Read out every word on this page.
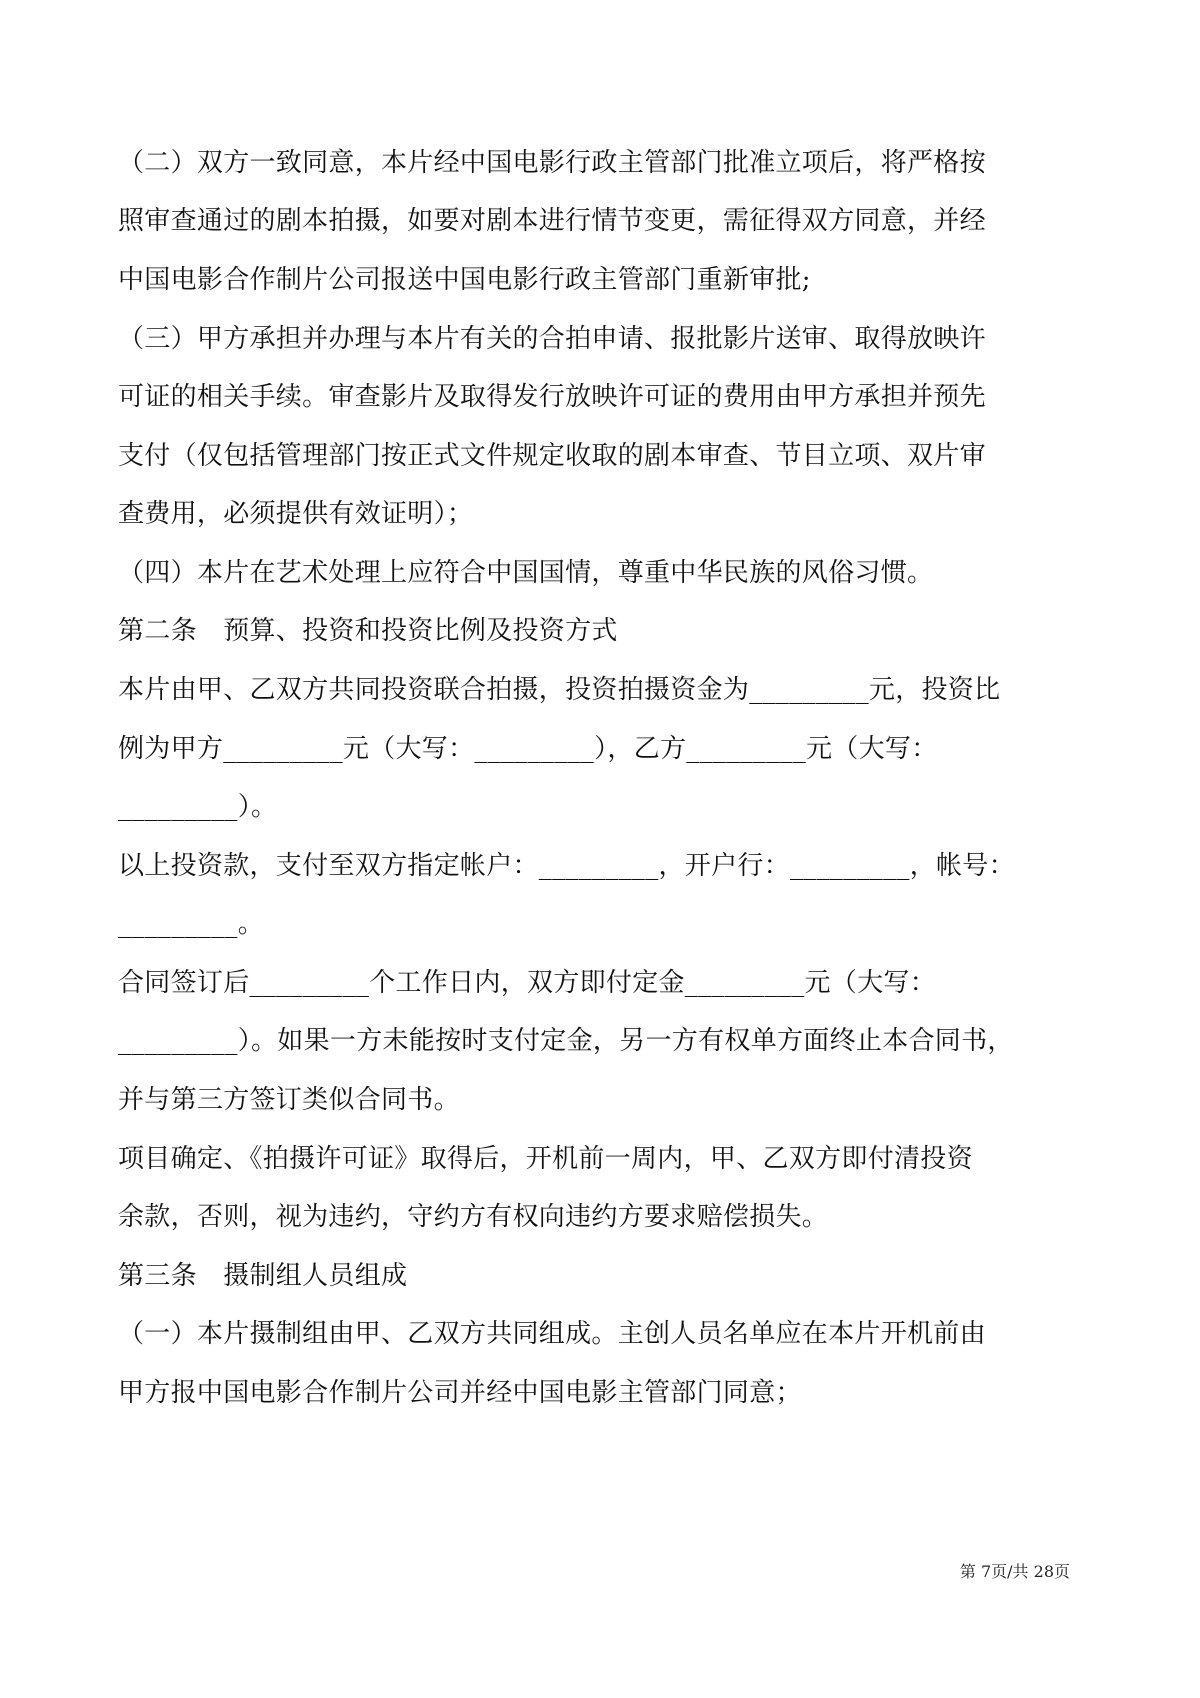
（二）双方一致同意，本片经中国电影行政主管部门批准立项后，将严格按
照审查通过的剧本拍摄，如要对剧本进行情节变更，需征得双方同意，并经
中国电影合作制片公司报送中国电影行政主管部门重新审批;
（三）甲方承担并办理与本片有关的合拍申请、报批影片送审、取得放映许
可证的相关手续。审查影片及取得发行放映许可证的费用由甲方承担并预先
支付（仅包括管理部门按正式文件规定收取的剧本审查、节目立项、双片审
查费用，必须提供有效证明）；
（四）本片在艺术处理上应符合中国国情，尊重中华民族的风俗习惯。
第二条　预算、投资和投资比例及投资方式
本片由甲、乙双方共同投资联合拍摄，投资拍摄资金为_________元，投资比
例为甲方_________元（大写：_________），乙方_________元（大写：
_________）。
以上投资款，支付至双方指定帐户：_________，开户行：_________，帐号：
_________。
合同签订后_________个工作日内，双方即付定金_________元（大写：
_________）。如果一方未能按时支付定金，另一方有权单方面终止本合同书，
并与第三方签订类似合同书。
项目确定、《拍摄许可证》取得后，开机前一周内，甲、乙双方即付清投资
余款，否则，视为违约，守约方有权向违约方要求赔偿损失。
第三条　摄制组人员组成
（一）本片摄制组由甲、乙双方共同组成。主创人员名单应在本片开机前由
甲方报中国电影合作制片公司并经中国电影主管部门同意；
第 7页/共 28页
